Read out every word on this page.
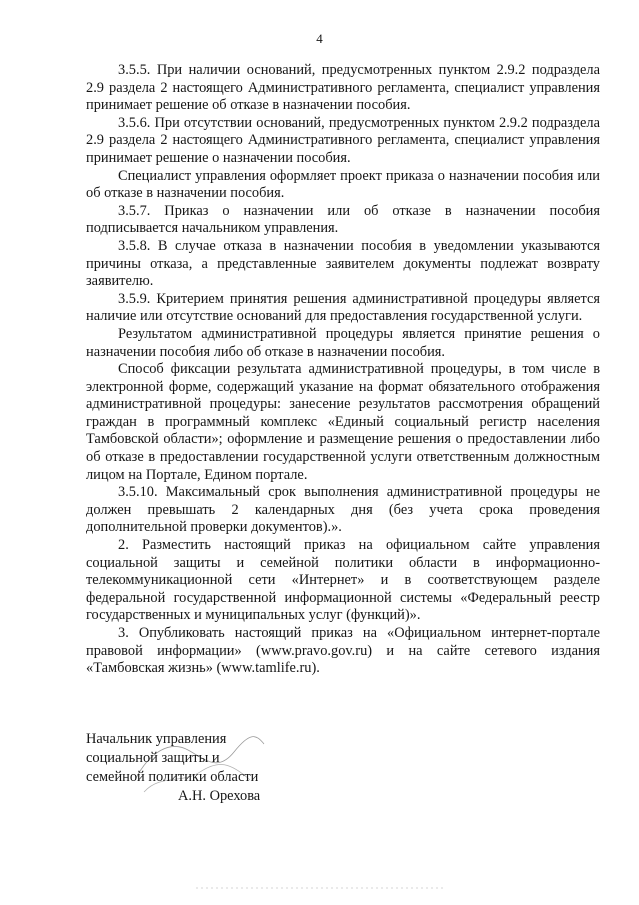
4

3.5.5. При наличии оснований, предусмотренных пунктом 2.9.2 подраздела 2.9 раздела 2 настоящего Административного регламента, специалист управления принимает решение об отказе в назначении пособия.

3.5.6. При отсутствии оснований, предусмотренных пунктом 2.9.2 подраздела 2.9 раздела 2 настоящего Административного регламента, специалист управления принимает решение о назначении пособия.

Специалист управления оформляет проект приказа о назначении пособия или об отказе в назначении пособия.

3.5.7. Приказ о назначении или об отказе в назначении пособия подписывается начальником управления.

3.5.8. В случае отказа в назначении пособия в уведомлении указываются причины отказа, а представленные заявителем документы подлежат возврату заявителю.

3.5.9. Критерием принятия решения административной процедуры является наличие или отсутствие оснований для предоставления государственной услуги.

Результатом административной процедуры является принятие решения о назначении пособия либо об отказе в назначении пособия.

Способ фиксации результата административной процедуры, в том числе в электронной форме, содержащий указание на формат обязательного отображения административной процедуры: занесение результатов рассмотрения обращений граждан в программный комплекс «Единый социальный регистр населения Тамбовской области»; оформление и размещение решения о предоставлении либо об отказе в предоставлении государственной услуги ответственным должностным лицом на Портале, Едином портале.

3.5.10. Максимальный срок выполнения административной процедуры не должен превышать 2 календарных дня (без учета срока проведения дополнительной проверки документов).».

2. Разместить настоящий приказ на официальном сайте управления социальной защиты и семейной политики области в информационно-телекоммуникационной сети «Интернет» и в соответствующем разделе федеральной государственной информационной системы «Федеральный реестр государственных и муниципальных услуг (функций)».

3. Опубликовать настоящий приказ на «Официальном интернет-портале правовой информации» (www.pravo.gov.ru) и на сайте сетевого издания «Тамбовская жизнь» (www.tamlife.ru).

Начальник управления
социальной защиты и
семейной политики области
А.Н. Орехова
